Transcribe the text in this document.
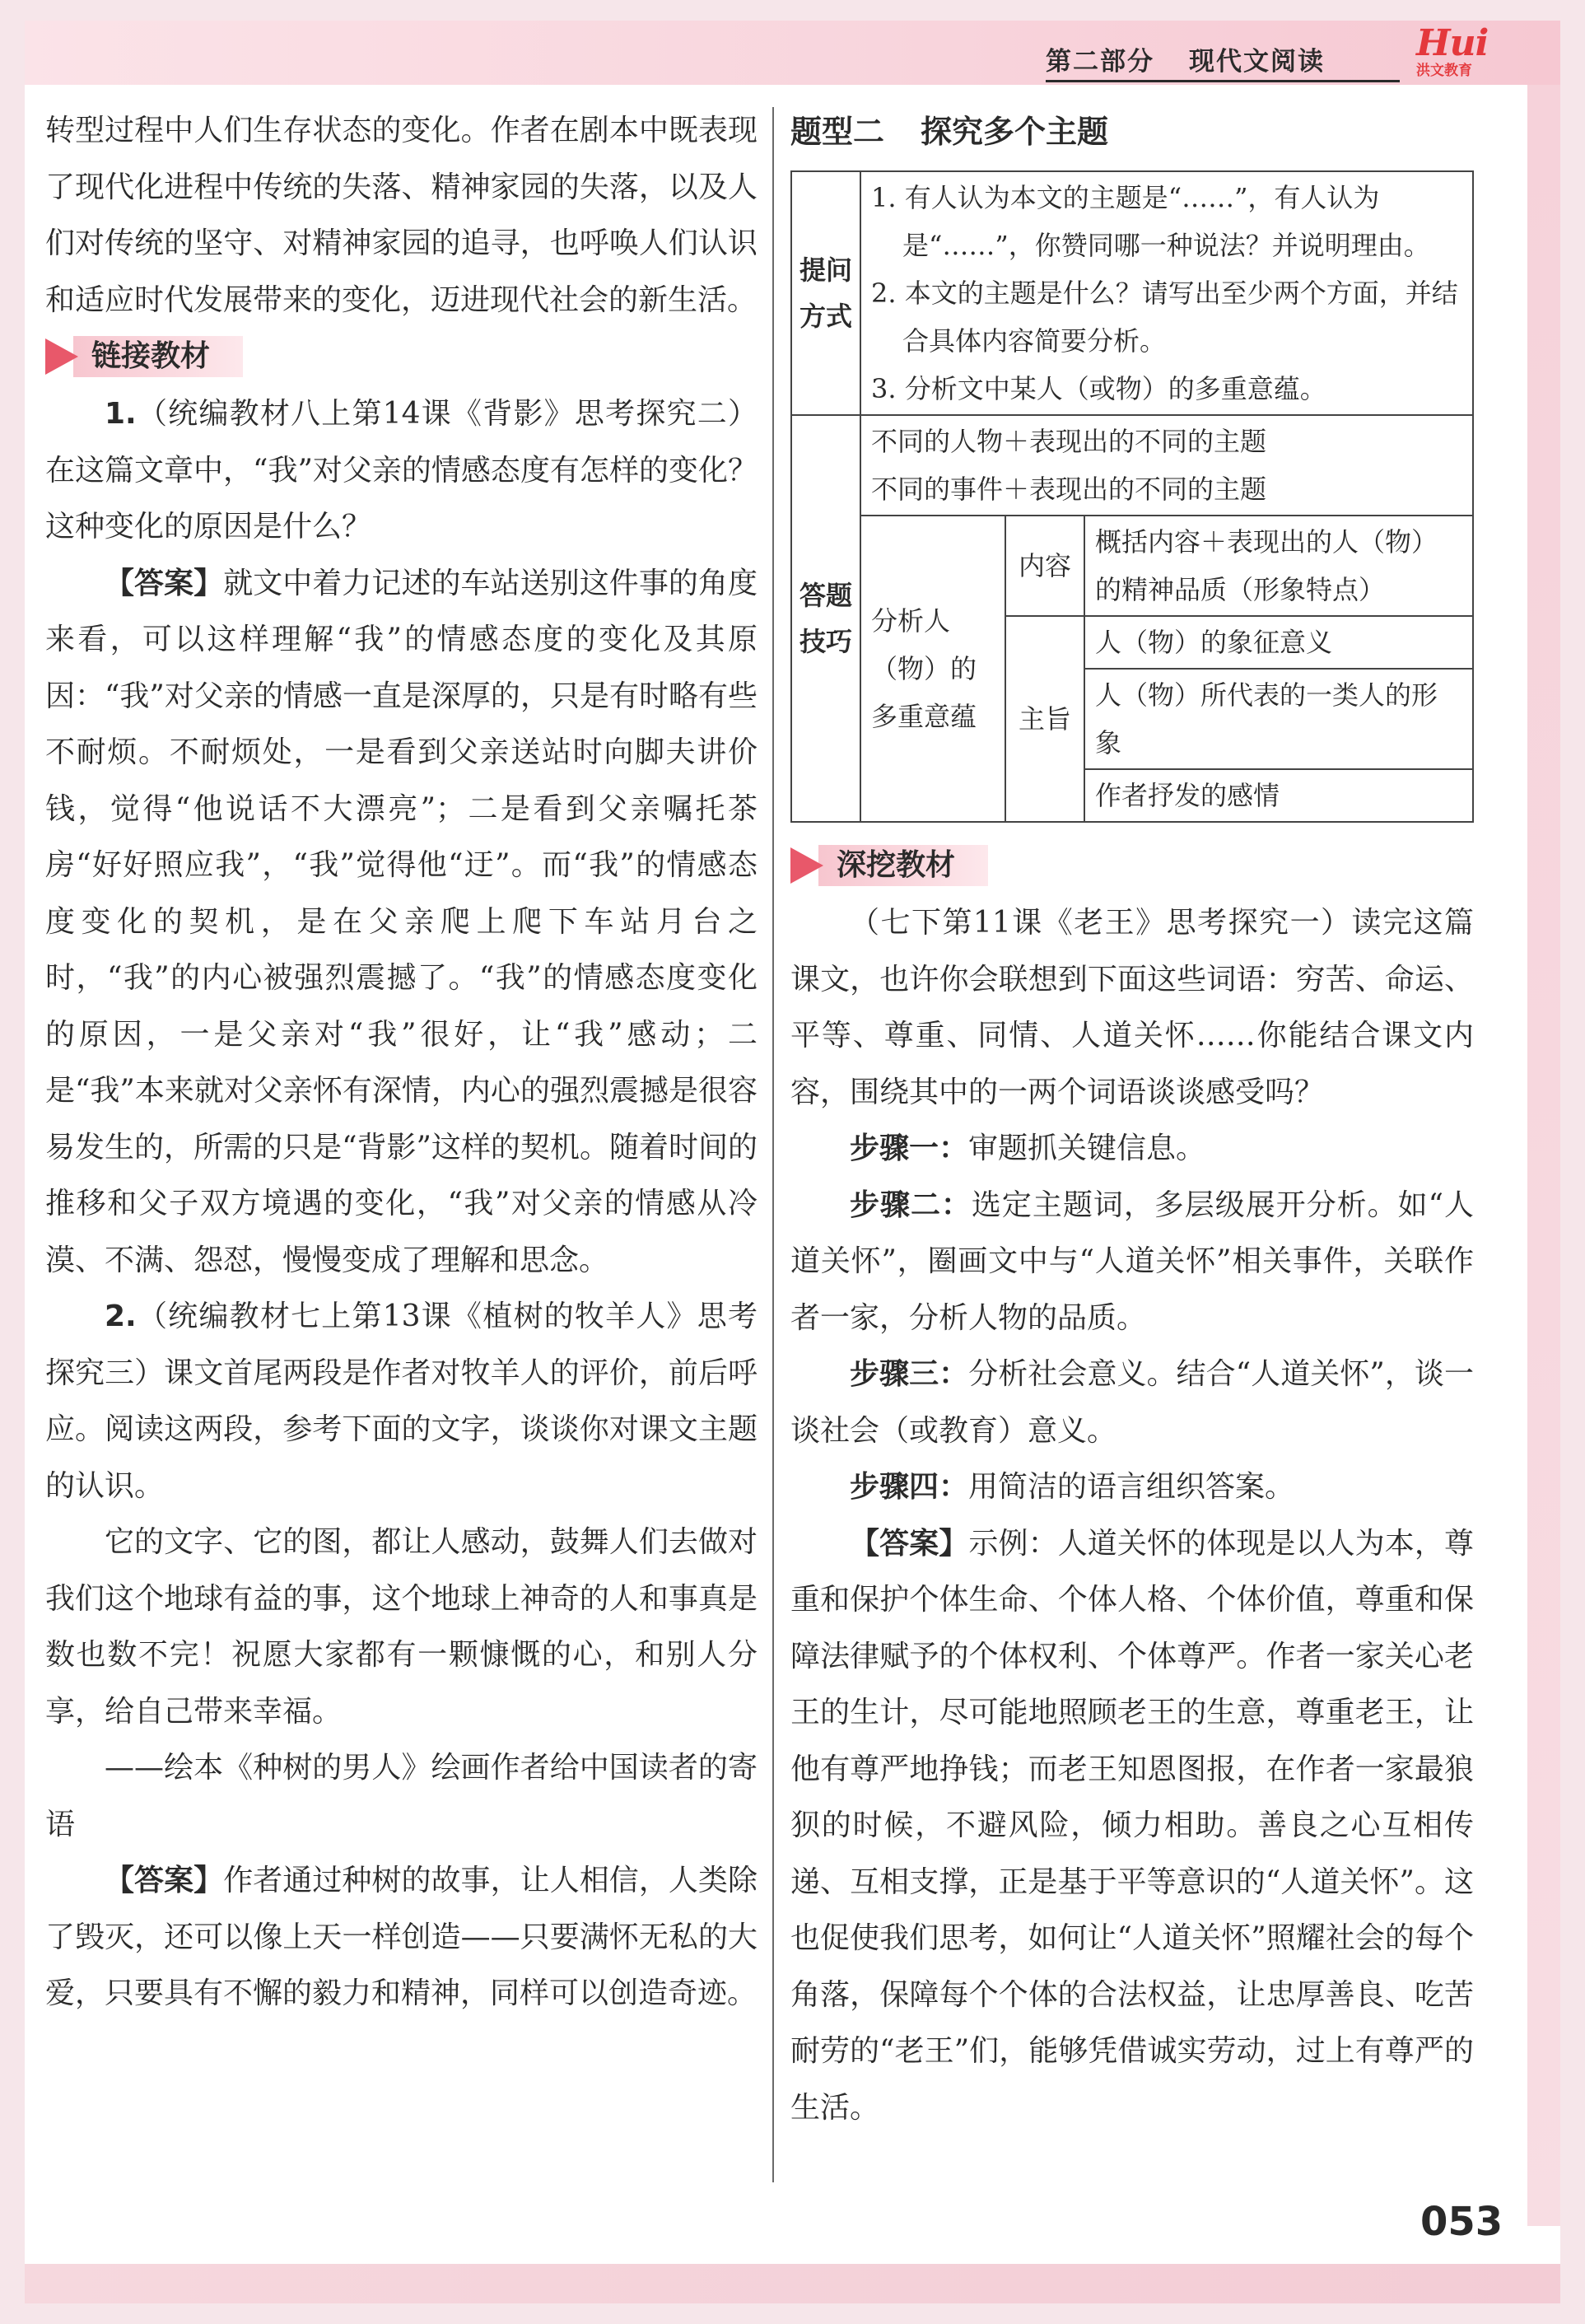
第二部分 现代文阅读	Hui
洪文教育

转型过程中人们生存状态的变化。作者在剧本中既表现了现代化进程中传统的失落、精神家园的失落，以及人们对传统的坚守、对精神家园的追寻，也呼唤人们认识和适应时代发展带来的变化，迈进现代社会的新生活。

链接教材

1.（统编教材八上第14课《背影》思考探究二）在这篇文章中，“我”对父亲的情感态度有怎样的变化？这种变化的原因是什么？

【答案】就文中着力记述的车站送别这件事的角度来看，可以这样理解“我”的情感态度的变化及其原因：“我”对父亲的情感一直是深厚的，只是有时略有些不耐烦。不耐烦处，一是看到父亲送站时向脚夫讲价钱，觉得“他说话不大漂亮”；二是看到父亲嘱托茶房“好好照应我”，“我”觉得他“迂”。而“我”的情感态度变化的契机，是在父亲爬上爬下车站月台之时，“我”的内心被强烈震撼了。“我”的情感态度变化的原因，一是父亲对“我”很好，让“我”感动；二是“我”本来就对父亲怀有深情，内心的强烈震撼是很容易发生的，所需的只是“背影”这样的契机。随着时间的推移和父子双方境遇的变化，“我”对父亲的情感从冷漠、不满、怨怼，慢慢变成了理解和思念。

2.（统编教材七上第13课《植树的牧羊人》思考探究三）课文首尾两段是作者对牧羊人的评价，前后呼应。阅读这两段，参考下面的文字，谈谈你对课文主题的认识。

它的文字、它的图，都让人感动，鼓舞人们去做对我们这个地球有益的事，这个地球上神奇的人和事真是数也数不完！祝愿大家都有一颗慷慨的心，和别人分享，给自己带来幸福。

——绘本《种树的男人》绘画作者给中国读者的寄语

【答案】作者通过种树的故事，让人相信，人类除了毁灭，还可以像上天一样创造——只要满怀无私的大爱，只要具有不懈的毅力和精神，同样可以创造奇迹。

题型二 探究多个主题
提问方式	1. 有人认为本文的主题是“……”，有人认为是“……”，你赞同哪一种说法？并说明理由。
2. 本文的主题是什么？请写出至少两个方面，并结合具体内容简要分析。
3. 分析文中某人（或物）的多重意蕴。		

答题技巧	不同的人物＋表现出的不同的主题
不同的事件＋表现出的不同的主题		

	分析人（物）的多重意蕴	内容	概括内容＋表现出的人（物）的精神品质（形象特点）
		主旨	人（物）的象征意义
			人（物）所代表的一类人的形象
			作者抒发的感情
深挖教材

（七下第11课《老王》思考探究一）读完这篇课文，也许你会联想到下面这些词语：穷苦、命运、平等、尊重、同情、人道关怀……你能结合课文内容，围绕其中的一两个词语谈谈感受吗？

步骤一：审题抓关键信息。

步骤二：选定主题词，多层级展开分析。如“人道关怀”，圈画文中与“人道关怀”相关事件，关联作者一家，分析人物的品质。

步骤三：分析社会意义。结合“人道关怀”，谈一谈社会（或教育）意义。

步骤四：用简洁的语言组织答案。

【答案】示例：人道关怀的体现是以人为本，尊重和保护个体生命、个体人格、个体价值，尊重和保障法律赋予的个体权利、个体尊严。作者一家关心老王的生计，尽可能地照顾老王的生意，尊重老王，让他有尊严地挣钱；而老王知恩图报，在作者一家最狼狈的时候，不避风险，倾力相助。善良之心互相传递、互相支撑，正是基于平等意识的“人道关怀”。这也促使我们思考，如何让“人道关怀”照耀社会的每个角落，保障每个个体的合法权益，让忠厚善良、吃苦耐劳的“老王”们，能够凭借诚实劳动，过上有尊严的生活。

053
